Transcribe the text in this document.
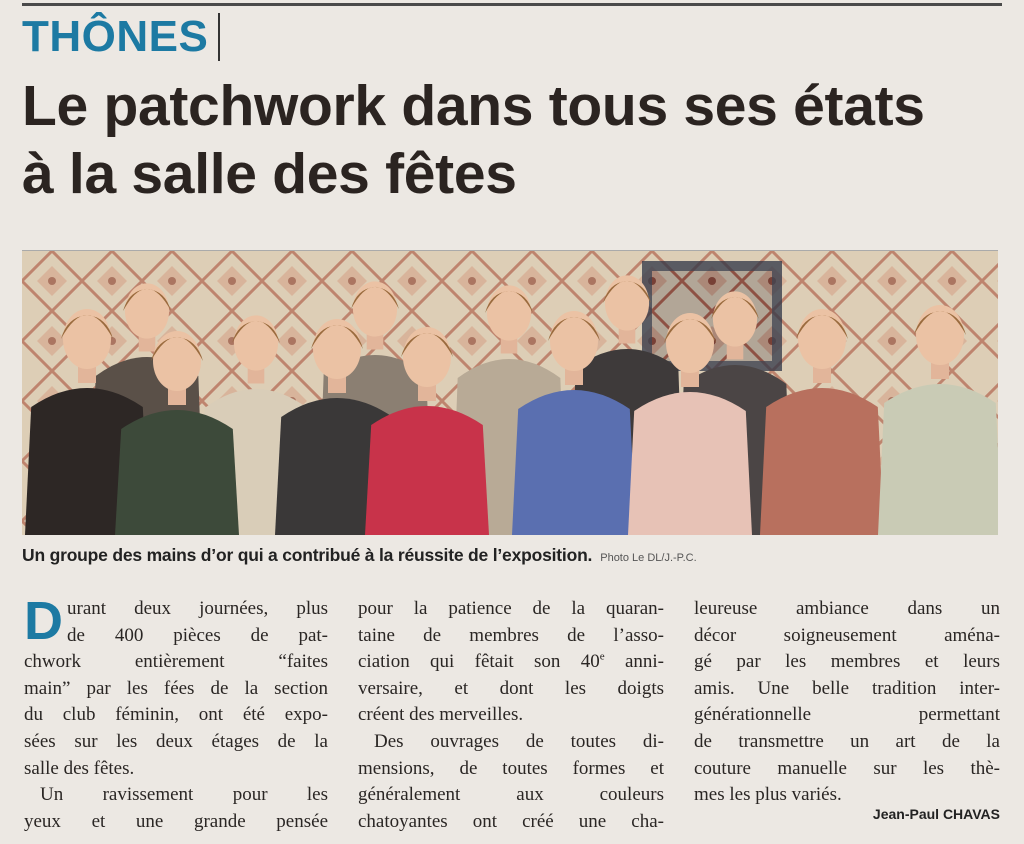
THÔNES
Le patchwork dans tous ses états
à la salle des fêtes
Un groupe des mains d’or qui a contribué à la réussite de l’exposition. Photo Le DL/J.-P.C.

D urant deux journées, plus
de 400 pièces de pat-
chwork entièrement “faites
main” par les fées de la section
du club féminin, ont été expo-
sées sur les deux étages de la
salle des fêtes.

Un ravissement pour les
yeux et une grande pensée

pour la patience de la quaran-
taine de membres de l’asso-
ciation qui fêtait son 40e anni-
versaire, et dont les doigts
créent des merveilles.

Des ouvrages de toutes di-
mensions, de toutes formes et
généralement aux couleurs
chatoyantes ont créé une cha-

leureuse ambiance dans un
décor soigneusement aména-
gé par les membres et leurs
amis. Une belle tradition inter-
générationnelle permettant
de transmettre un art de la
couture manuelle sur les thè-
mes les plus variés.

Jean-Paul CHAVAS
